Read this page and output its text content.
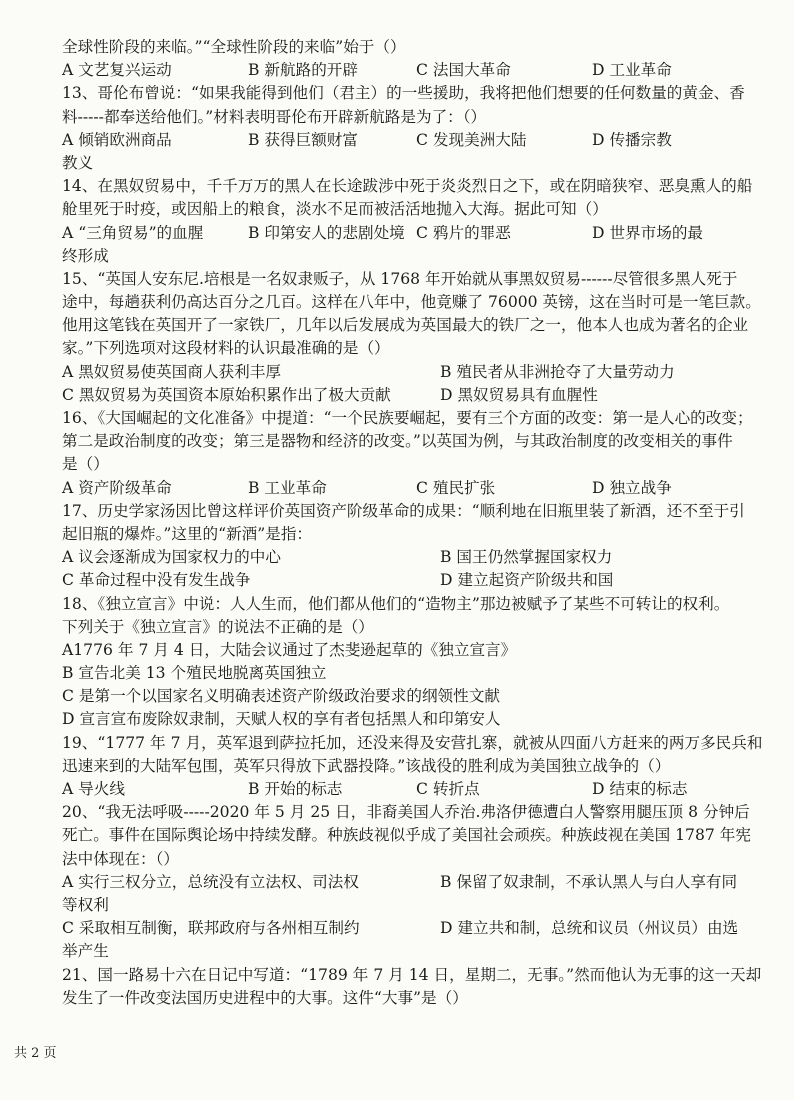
全球性阶段的来临。”“全球性阶段的来临”始于（）
A 文艺复兴运动	B 新航路的开辟	C 法国大革命	D 工业革命
13、哥伦布曾说：“如果我能得到他们（君主）的一些援助，我将把他们想要的任何数量的黄金、香
料-----都奉送给他们。”材料表明哥伦布开辟新航路是为了：（）
A 倾销欧洲商品	B 获得巨额财富	C 发现美洲大陆	D 传播宗教
教义
14、在黑奴贸易中，千千万万的黑人在长途跋涉中死于炎炎烈日之下，或在阴暗狭窄、恶臭熏人的船
舱里死于时疫，或因船上的粮食，淡水不足而被活活地抛入大海。据此可知（）
A “三角贸易”的血腥	B 印第安人的悲剧处境 C 鸦片的罪恶	D 世界市场的最
终形成
15、“英国人安东尼.培根是一名奴隶贩子，从 1768 年开始就从事黑奴贸易------尽管很多黑人死于
途中，每趟获利仍高达百分之几百。这样在八年中，他竟赚了 76000 英镑，这在当时可是一笔巨款。
他用这笔钱在英国开了一家铁厂，几年以后发展成为英国最大的铁厂之一，他本人也成为著名的企业
家。”下列选项对这段材料的认识最准确的是（）
A 黑奴贸易使英国商人获利丰厚	B 殖民者从非洲抢夺了大量劳动力
C 黑奴贸易为英国资本原始积累作出了极大贡献	D 黑奴贸易具有血腥性
16、《大国崛起的文化准备》中提道：“一个民族要崛起，要有三个方面的改变：第一是人心的改变；
第二是政治制度的改变；第三是器物和经济的改变。”以英国为例，与其政治制度的改变相关的事件
是（）
A 资产阶级革命	B 工业革命	C 殖民扩张	D 独立战争
17、历史学家汤因比曾这样评价英国资产阶级革命的成果：“顺利地在旧瓶里装了新酒，还不至于引
起旧瓶的爆炸。”这里的“新酒”是指：
A 议会逐渐成为国家权力的中心	B 国王仍然掌握国家权力
C 革命过程中没有发生战争	D 建立起资产阶级共和国
18、《独立宣言》中说：人人生而，他们都从他们的“造物主”那边被赋予了某些不可转让的权利。
下列关于《独立宣言》的说法不正确的是（）
A1776 年 7 月 4 日，大陆会议通过了杰斐逊起草的《独立宣言》
B 宣告北美 13 个殖民地脱离英国独立
C 是第一个以国家名义明确表述资产阶级政治要求的纲领性文献
D 宣言宣布废除奴隶制，天赋人权的享有者包括黑人和印第安人
19、“1777 年 7 月，英军退到萨拉托加，还没来得及安营扎寨，就被从四面八方赶来的两万多民兵和
迅速来到的大陆军包围，英军只得放下武器投降。”该战役的胜利成为美国独立战争的（）
A 导火线	B 开始的标志	C 转折点	D 结束的标志
20、“我无法呼吸-----2020 年 5 月 25 日，非裔美国人乔治.弗洛伊德遭白人警察用腿压顶 8 分钟后
死亡。事件在国际舆论场中持续发酵。种族歧视似乎成了美国社会顽疾。种族歧视在美国 1787 年宪
法中体现在：（）
A 实行三权分立，总统没有立法权、司法权	B 保留了奴隶制，不承认黑人与白人享有同
等权利
C 采取相互制衡，联邦政府与各州相互制约	D 建立共和制，总统和议员（州议员）由选
举产生
21、国一路易十六在日记中写道：“1789 年 7 月 14 日，星期二，无事。”然而他认为无事的这一天却
发生了一件改变法国历史进程中的大事。这件“大事”是（）
共 2 页
